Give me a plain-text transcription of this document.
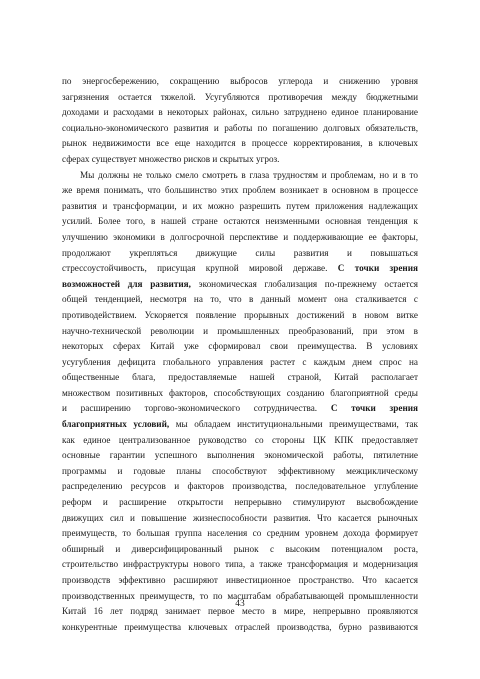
по энергосбережению, сокращению выбросов углерода и снижению уровня
загрязнения остается тяжелой. Усугубляются противоречия между бюджетными
доходами и расходами в некоторых районах, сильно затруднено единое планирование
социально-экономического развития и работы по погашению долговых обязательств,
рынок недвижимости все еще находится в процессе корректирования, в ключевых
сферах существует множество рисков и скрытых угроз.
Мы должны не только смело смотреть в глаза трудностям и проблемам, но и в то
же время понимать, что большинство этих проблем возникает в основном в процессе
развития и трансформации, и их можно разрешить путем приложения надлежащих
усилий. Более того, в нашей стране остаются неизменными основная тенденция к
улучшению экономики в долгосрочной перспективе и поддерживающие ее факторы,
продолжают укрепляться движущие силы развития и повышаться
стрессоустойчивость, присущая крупной мировой державе. С точки зрения
возможностей для развития, экономическая глобализация по-прежнему остается
общей тенденцией, несмотря на то, что в данный момент она сталкивается с
противодействием. Ускоряется появление прорывных достижений в новом витке
научно-технической революции и промышленных преобразований, при этом в
некоторых сферах Китай уже сформировал свои преимущества. В условиях
усугубления дефицита глобального управления растет с каждым днем спрос на
общественные блага, предоставляемые нашей страной, Китай располагает
множеством позитивных факторов, способствующих созданию благоприятной среды
и расширению торгово-экономического сотрудничества. С точки зрения
благоприятных условий, мы обладаем институциональными преимуществами, так
как единое централизованное руководство со стороны ЦК КПК предоставляет
основные гарантии успешного выполнения экономической работы, пятилетние
программы и годовые планы способствуют эффективному межциклическому
распределению ресурсов и факторов производства, последовательное углубление
реформ и расширение открытости непрерывно стимулируют высвобождение
движущих сил и повышение жизнеспособности развития. Что касается рыночных
преимуществ, то большая группа населения со средним уровнем дохода формирует
обширный и диверсифицированный рынок с высоким потенциалом роста,
строительство инфраструктуры нового типа, а также трансформация и модернизация
производств эффективно расширяют инвестиционное пространство. Что касается
производственных преимуществ, то по масштабам обрабатывающей промышленности
Китай 16 лет подряд занимает первое место в мире, непрерывно проявляются
конкурентные преимущества ключевых отраслей производства, бурно развиваются
43
